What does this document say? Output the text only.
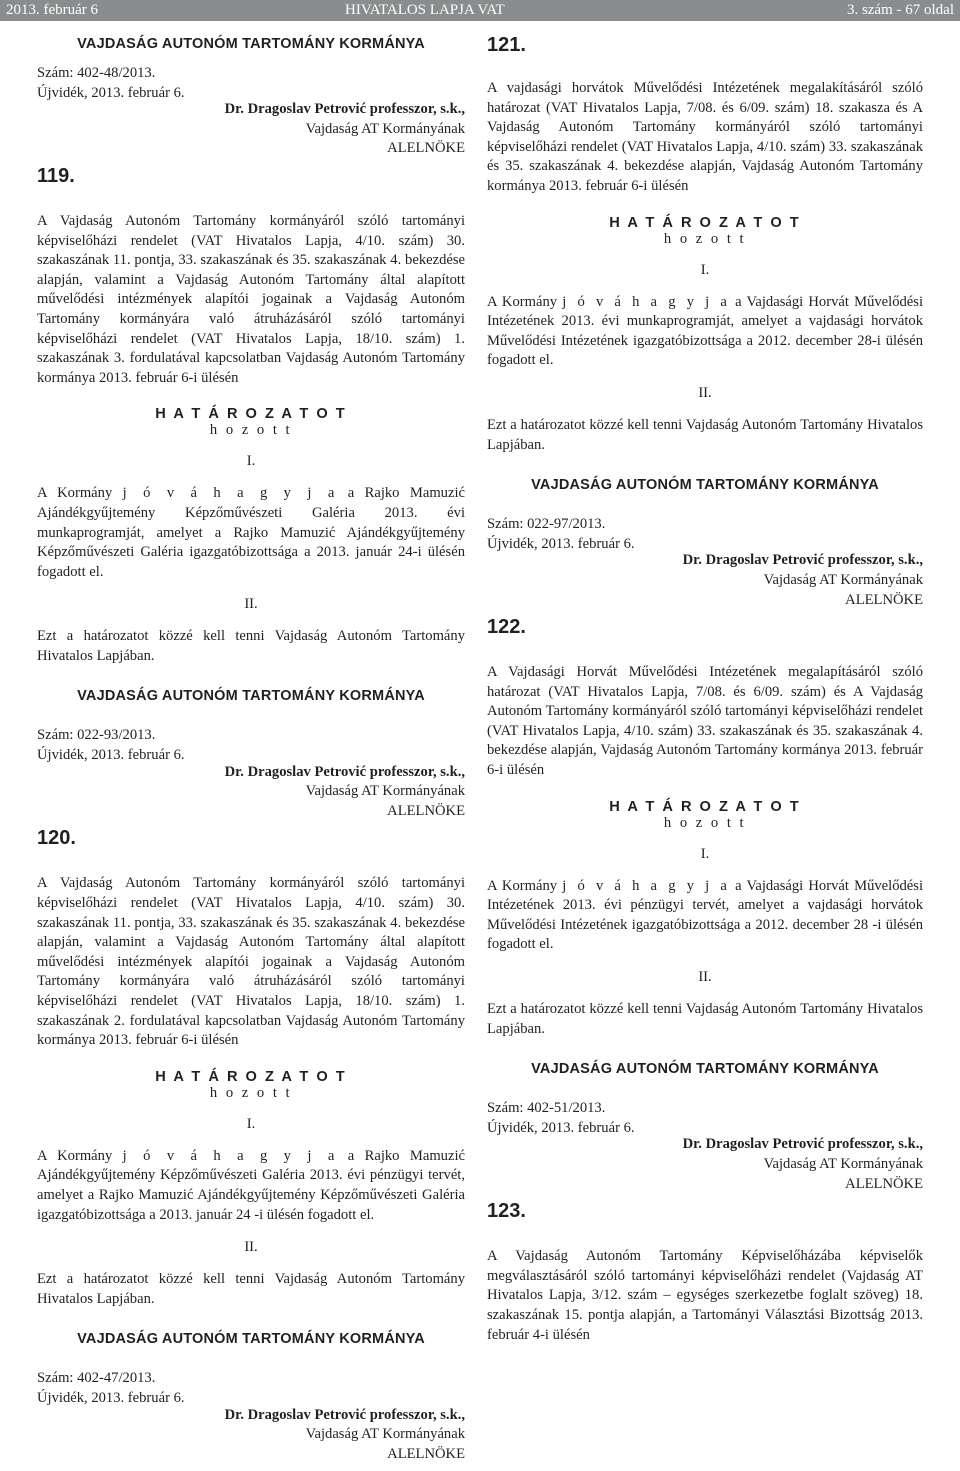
2013. február 6	HIVATALOS LAPJA VAT	3. szám - 67 oldal

VAJDASÁG AUTONÓM TARTOMÁNY KORMÁNYA

Szám: 402-48/2013.

Újvidék, 2013. február 6.

Dr. Dragoslav Petrović professzor, s.k.,

Vajdaság AT Kormányának

ALELNÖKE

119.

A Vajdaság Autonóm Tartomány kormányáról szóló tartományi képviselőházi rendelet (VAT Hivatalos Lapja, 4/10. szám) 30. szakaszának 11. pontja, 33. szakaszának és 35. szakaszának 4. bekezdése alapján, valamint a Vajdaság Autonóm Tartomány által alapított művelődési intézmények alapítói jogainak a Vajdaság Autonóm Tartomány kormányára való átruházásáról szóló tartományi képviselőházi rendelet (VAT Hivatalos Lapja, 18/10. szám) 1. szakaszának 3. fordulatával kapcsolatban Vajdaság Autonóm Tartomány kormánya 2013. február 6-i ülésén

H A T Á R O Z A T O T

h o z o t t

I.

A Kormány j ó v á h a g y j a a Rajko Mamuzić Ajándékgyűjtemény Képzőművészeti Galéria 2013. évi munkaprogramját, amelyet a Rajko Mamuzić Ajándékgyűjtemény Képzőművészeti Galéria igazgatóbizottsága a 2013. január 24-i ülésén fogadott el.

II.

Ezt a határozatot közzé kell tenni Vajdaság Autonóm Tartomány Hivatalos Lapjában.

VAJDASÁG AUTONÓM TARTOMÁNY KORMÁNYA

Szám: 022-93/2013.

Újvidék, 2013. február 6.

Dr. Dragoslav Petrović professzor, s.k.,

Vajdaság AT Kormányának

ALELNÖKE

120.

A Vajdaság Autonóm Tartomány kormányáról szóló tartományi képviselőházi rendelet (VAT Hivatalos Lapja, 4/10. szám) 30. szakaszának 11. pontja, 33. szakaszának és 35. szakaszának 4. bekezdése alapján, valamint a Vajdaság Autonóm Tartomány által alapított művelődési intézmények alapítói jogainak a Vajdaság Autonóm Tartomány kormányára való átruházásáról szóló tartományi képviselőházi rendelet (VAT Hivatalos Lapja, 18/10. szám) 1. szakaszának 2. fordulatával kapcsolatban Vajdaság Autonóm Tartomány kormánya 2013. február 6-i ülésén

H A T Á R O Z A T O T

h o z o t t

I.

A Kormány j ó v á h a g y j a a Rajko Mamuzić Ajándékgyűjtemény Képzőművészeti Galéria 2013. évi pénzügyi tervét, amelyet a Rajko Mamuzić Ajándékgyűjtemény Képzőművészeti Galéria igazgatóbizottsága a 2013. január 24 -i ülésén fogadott el.

II.

Ezt a határozatot közzé kell tenni Vajdaság Autonóm Tartomány Hivatalos Lapjában.

VAJDASÁG AUTONÓM TARTOMÁNY KORMÁNYA

Szám: 402-47/2013.

Újvidék, 2013. február 6.

Dr. Dragoslav Petrović professzor, s.k.,

Vajdaság AT Kormányának

ALELNÖKE

121.

A vajdasági horvátok Művelődési Intézetének megalakításáról szóló határozat (VAT Hivatalos Lapja, 7/08. és 6/09. szám) 18. szakasza és A Vajdaság Autonóm Tartomány kormányáról szóló tartományi képviselőházi rendelet (VAT Hivatalos Lapja, 4/10. szám) 33. szakaszának és 35. szakaszának 4. bekezdése alapján, Vajdaság Autonóm Tartomány kormánya 2013. február 6-i ülésén

H A T Á R O Z A T O T

h o z o t t

I.

A Kormány j ó v á h a g y j a a Vajdasági Horvát Művelődési Intézetének 2013. évi munkaprogramját, amelyet a vajdasági horvátok Művelődési Intézetének igazgatóbizottsága a 2012. december 28-i ülésén fogadott el.

II.

Ezt a határozatot közzé kell tenni Vajdaság Autonóm Tartomány Hivatalos Lapjában.

VAJDASÁG AUTONÓM TARTOMÁNY KORMÁNYA

Szám: 022-97/2013.

Újvidék, 2013. február 6.

Dr. Dragoslav Petrović professzor, s.k.,

Vajdaság AT Kormányának

ALELNÖKE

122.

A Vajdasági Horvát Művelődési Intézetének megalapításáról szóló határozat (VAT Hivatalos Lapja, 7/08. és 6/09. szám) és A Vajdaság Autonóm Tartomány kormányáról szóló tartományi képviselőházi rendelet (VAT Hivatalos Lapja, 4/10. szám) 33. szakaszának és 35. szakaszának 4. bekezdése alapján, Vajdaság Autonóm Tartomány kormánya 2013. február 6-i ülésén

H A T Á R O Z A T O T

h o z o t t

I.

A Kormány j ó v á h a g y j a a Vajdasági Horvát Művelődési Intézetének 2013. évi pénzügyi tervét, amelyet a vajdasági horvátok Művelődési Intézetének igazgatóbizottsága a 2012. december 28 -i ülésén fogadott el.

II.

Ezt a határozatot közzé kell tenni Vajdaság Autonóm Tartomány Hivatalos Lapjában.

VAJDASÁG AUTONÓM TARTOMÁNY KORMÁNYA

Szám: 402-51/2013.

Újvidék, 2013. február 6.

Dr. Dragoslav Petrović professzor, s.k.,

Vajdaság AT Kormányának

ALELNÖKE

123.

A Vajdaság Autonóm Tartomány Képviselőházába képviselők megválasztásáról szóló tartományi képviselőházi rendelet (Vajdaság AT Hivatalos Lapja, 3/12. szám – egységes szerkezetbe foglalt szöveg) 18. szakaszának 15. pontja alapján, a Tartományi Választási Bizottság 2013. február 4-i ülésén
